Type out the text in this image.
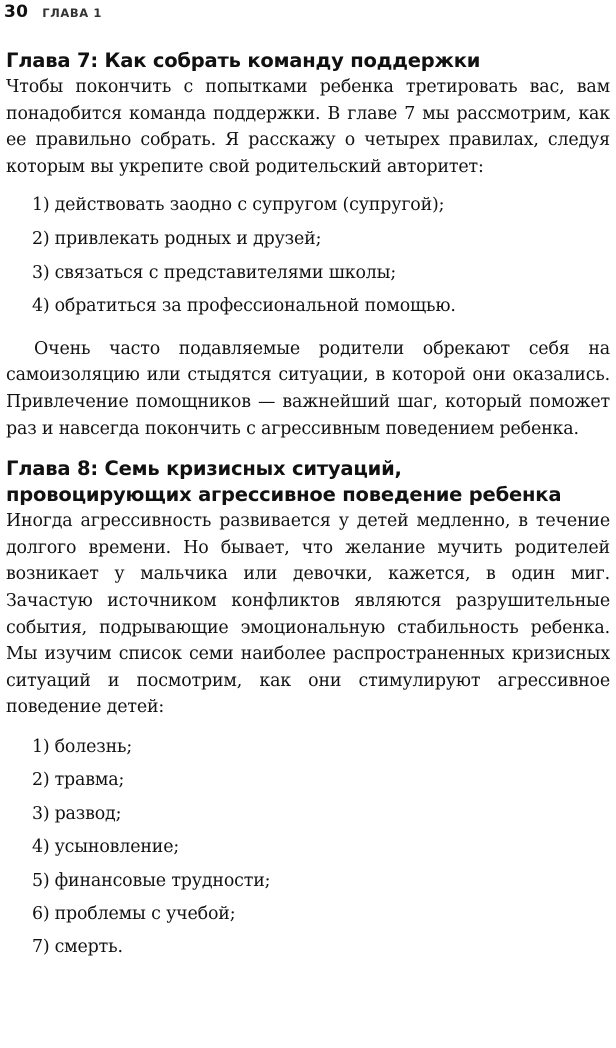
30 ГЛАВА 1
Глава 7: Как собрать команду поддержки

Чтобы покончить с попытками ребенка третировать вас, вам понадобится команда поддержки. В главе 7 мы рассмотрим, как ее правильно собрать. Я расскажу о четырех правилах, следуя которым вы укрепите свой родительский авторитет:

1) действовать заодно с супругом (супругой);
2) привлекать родных и друзей;
3) связаться с представителями школы;
4) обратиться за профессиональной помощью.

Очень часто подавляемые родители обрекают себя на самоизоляцию или стыдятся ситуации, в которой они оказались. Привлечение помощников — важнейший шаг, который поможет раз и навсегда покончить с агрессивным поведением ребенка.

Глава 8: Семь кризисных ситуаций,
провоцирующих агрессивное поведение ребенка

Иногда агрессивность развивается у детей медленно, в течение долгого времени. Но бывает, что желание мучить родителей возникает у мальчика или девочки, кажется, в один миг. Зачастую источником конфликтов являются разрушительные события, подрывающие эмоциональную стабильность ребенка. Мы изучим список семи наиболее распространенных кризисных ситуаций и посмотрим, как они стимулируют агрессивное поведение детей:

1) болезнь;
2) травма;
3) развод;
4) усыновление;
5) финансовые трудности;
6) проблемы с учебой;
7) смерть.
